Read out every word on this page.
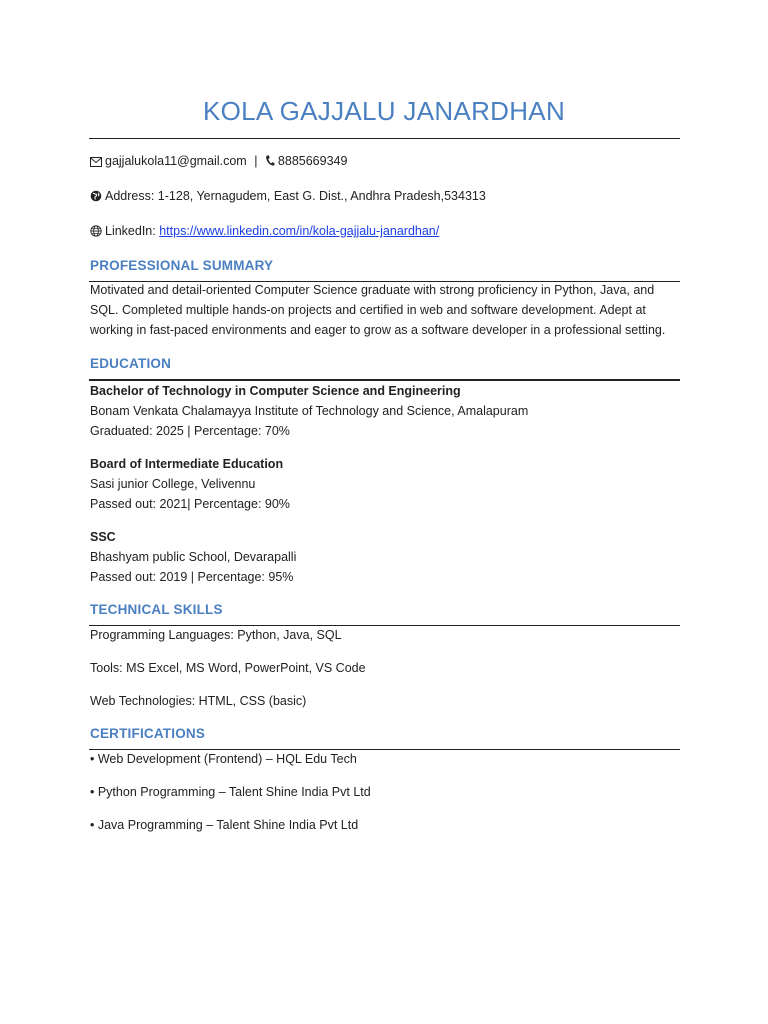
KOLA GAJJALU JANARDHAN
gajjalukola11@gmail.com | 8885669349
Address: 1-128, Yernagudem, East G. Dist., Andhra Pradesh,534313
LinkedIn: https://www.linkedin.com/in/kola-gajjalu-janardhan/
PROFESSIONAL SUMMARY
Motivated and detail-oriented Computer Science graduate with strong proficiency in Python, Java, and
SQL. Completed multiple hands-on projects and certified in web and software development. Adept at
working in fast-paced environments and eager to grow as a software developer in a professional setting.
EDUCATION
Bachelor of Technology in Computer Science and Engineering
Bonam Venkata Chalamayya Institute of Technology and Science, Amalapuram
Graduated: 2025 | Percentage: 70%
Board of Intermediate Education
Sasi junior College, Velivennu
Passed out: 2021| Percentage: 90%
SSC
Bhashyam public School, Devarapalli
Passed out: 2019 | Percentage: 95%
TECHNICAL SKILLS
Programming Languages: Python, Java, SQL
Tools: MS Excel, MS Word, PowerPoint, VS Code
Web Technologies: HTML, CSS (basic)
CERTIFICATIONS
• Web Development (Frontend) – HQL Edu Tech
• Python Programming – Talent Shine India Pvt Ltd
• Java Programming – Talent Shine India Pvt Ltd
